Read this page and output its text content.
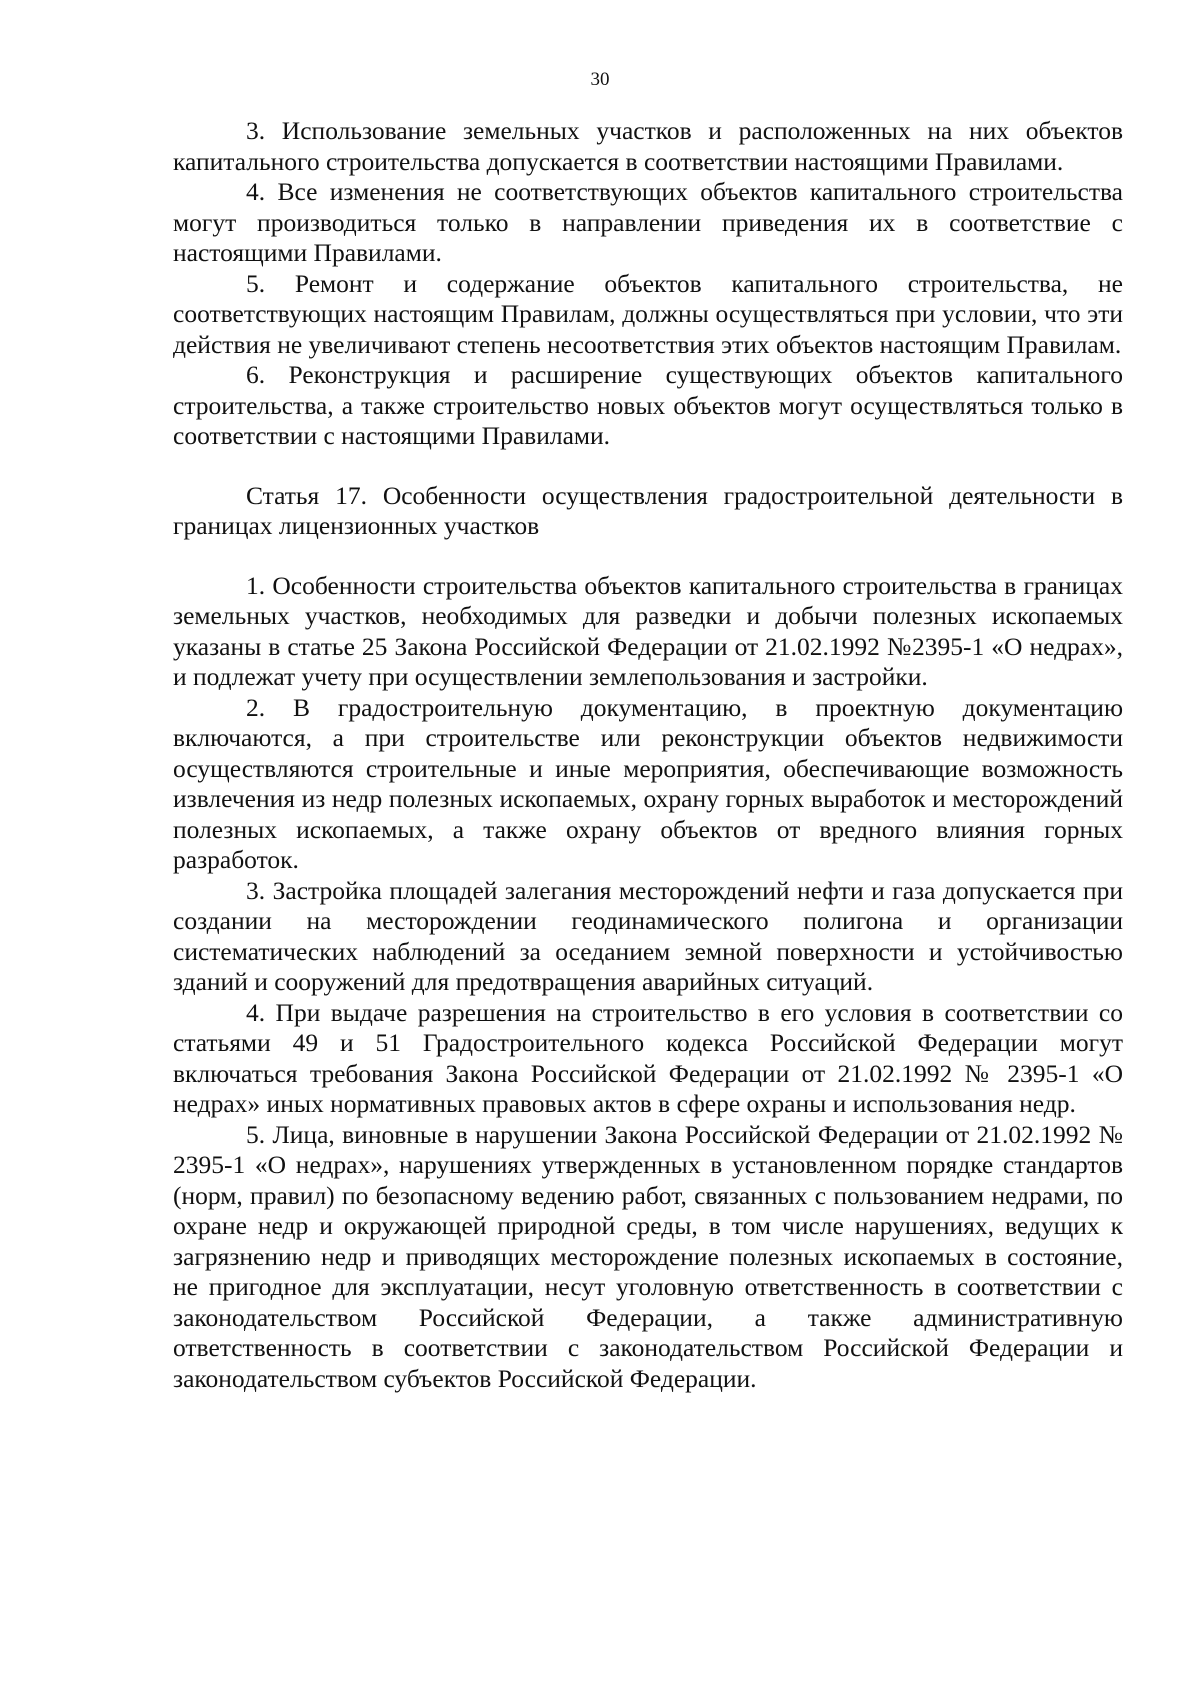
30

3. Использование земельных участков и расположенных на них объектов капитального строительства допускается в соответствии настоящими Правилами.

4. Все изменения не соответствующих объектов капитального строительства могут производиться только в направлении приведения их в соответствие с настоящими Правилами.

5. Ремонт и содержание объектов капитального строительства, не соответствующих настоящим Правилам, должны осуществляться при условии, что эти действия не увеличивают степень несоответствия этих объектов настоящим Правилам.

6. Реконструкция и расширение существующих объектов капитального строительства, а также строительство новых объектов могут осуществляться только в соответствии с настоящими Правилами.

Статья 17. Особенности осуществления градостроительной деятельности в границах лицензионных участков

1. Особенности строительства объектов капитального строительства в границах земельных участков, необходимых для разведки и добычи полезных ископаемых указаны в статье 25 Закона Российской Федерации от 21.02.1992 №2395-1 «О недрах», и подлежат учету при осуществлении землепользования и застройки.

2. В градостроительную документацию, в проектную документацию включаются, а при строительстве или реконструкции объектов недвижимости осуществляются строительные и иные мероприятия, обеспечивающие возможность извлечения из недр полезных ископаемых, охрану горных выработок и месторождений полезных ископаемых, а также охрану объектов от вредного влияния горных разработок.

3. Застройка площадей залегания месторождений нефти и газа допускается при создании на месторождении геодинамического полигона и организации систематических наблюдений за оседанием земной поверхности и устойчивостью зданий и сооружений для предотвращения аварийных ситуаций.

4. При выдаче разрешения на строительство в его условия в соответствии со статьями 49 и 51 Градостроительного кодекса Российской Федерации могут включаться требования Закона Российской Федерации от 21.02.1992 № 2395-1 «О недрах» иных нормативных правовых актов в сфере охраны и использования недр.

5. Лица, виновные в нарушении Закона Российской Федерации от 21.02.1992 № 2395-1 «О недрах», нарушениях утвержденных в установленном порядке стандартов (норм, правил) по безопасному ведению работ, связанных с пользованием недрами, по охране недр и окружающей природной среды, в том числе нарушениях, ведущих к загрязнению недр и приводящих месторождение полезных ископаемых в состояние, не пригодное для эксплуатации, несут уголовную ответственность в соответствии с законодательством Российской Федерации, а также административную ответственность в соответствии с законодательством Российской Федерации и законодательством субъектов Российской Федерации.
